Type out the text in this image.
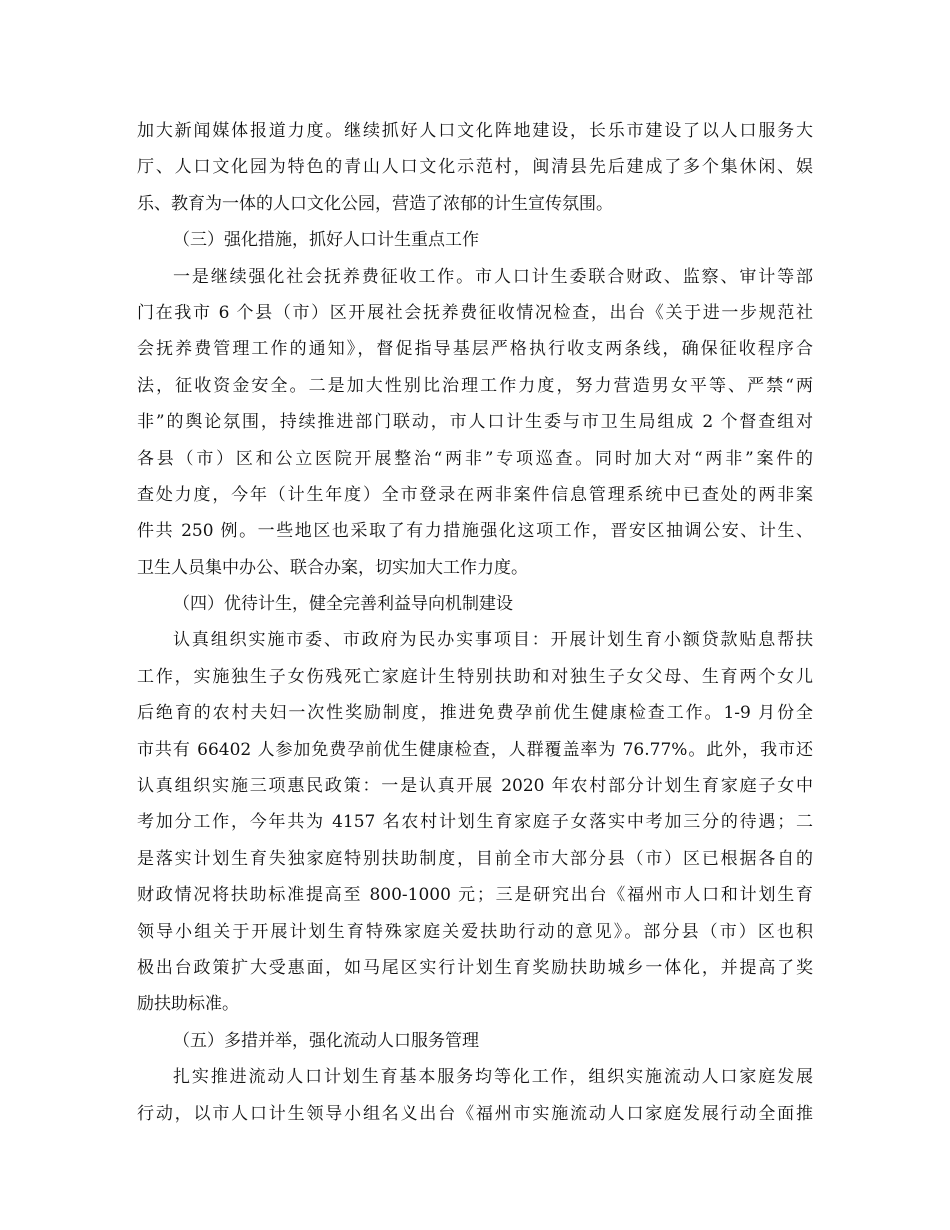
加大新闻媒体报道力度。继续抓好人口文化阵地建设，长乐市建设了以人口服务大
厅、人口文化园为特色的青山人口文化示范村，闽清县先后建成了多个集休闲、娱
乐、教育为一体的人口文化公园，营造了浓郁的计生宣传氛围。
（三）强化措施，抓好人口计生重点工作
一是继续强化社会抚养费征收工作。市人口计生委联合财政、监察、审计等部
门在我市 6 个县（市）区开展社会抚养费征收情况检查，出台《关于进一步规范社
会抚养费管理工作的通知》，督促指导基层严格执行收支两条线，确保征收程序合
法，征收资金安全。二是加大性别比治理工作力度，努力营造男女平等、严禁“两
非”的舆论氛围，持续推进部门联动，市人口计生委与市卫生局组成 2 个督查组对
各县（市）区和公立医院开展整治“两非”专项巡查。同时加大对“两非”案件的
查处力度，今年（计生年度）全市登录在两非案件信息管理系统中已查处的两非案
件共 250 例。一些地区也采取了有力措施强化这项工作，晋安区抽调公安、计生、
卫生人员集中办公、联合办案，切实加大工作力度。
（四）优待计生，健全完善利益导向机制建设
认真组织实施市委、市政府为民办实事项目：开展计划生育小额贷款贴息帮扶
工作，实施独生子女伤残死亡家庭计生特别扶助和对独生子女父母、生育两个女儿
后绝育的农村夫妇一次性奖励制度，推进免费孕前优生健康检查工作。1-9 月份全
市共有 66402 人参加免费孕前优生健康检查，人群覆盖率为 76.77%。此外，我市还
认真组织实施三项惠民政策：一是认真开展 2020 年农村部分计划生育家庭子女中
考加分工作，今年共为 4157 名农村计划生育家庭子女落实中考加三分的待遇；二
是落实计划生育失独家庭特别扶助制度，目前全市大部分县（市）区已根据各自的
财政情况将扶助标准提高至 800-1000 元；三是研究出台《福州市人口和计划生育
领导小组关于开展计划生育特殊家庭关爱扶助行动的意见》。部分县（市）区也积
极出台政策扩大受惠面，如马尾区实行计划生育奖励扶助城乡一体化，并提高了奖
励扶助标准。
（五）多措并举，强化流动人口服务管理
扎实推进流动人口计划生育基本服务均等化工作，组织实施流动人口家庭发展
行动，以市人口计生领导小组名义出台《福州市实施流动人口家庭发展行动全面推
